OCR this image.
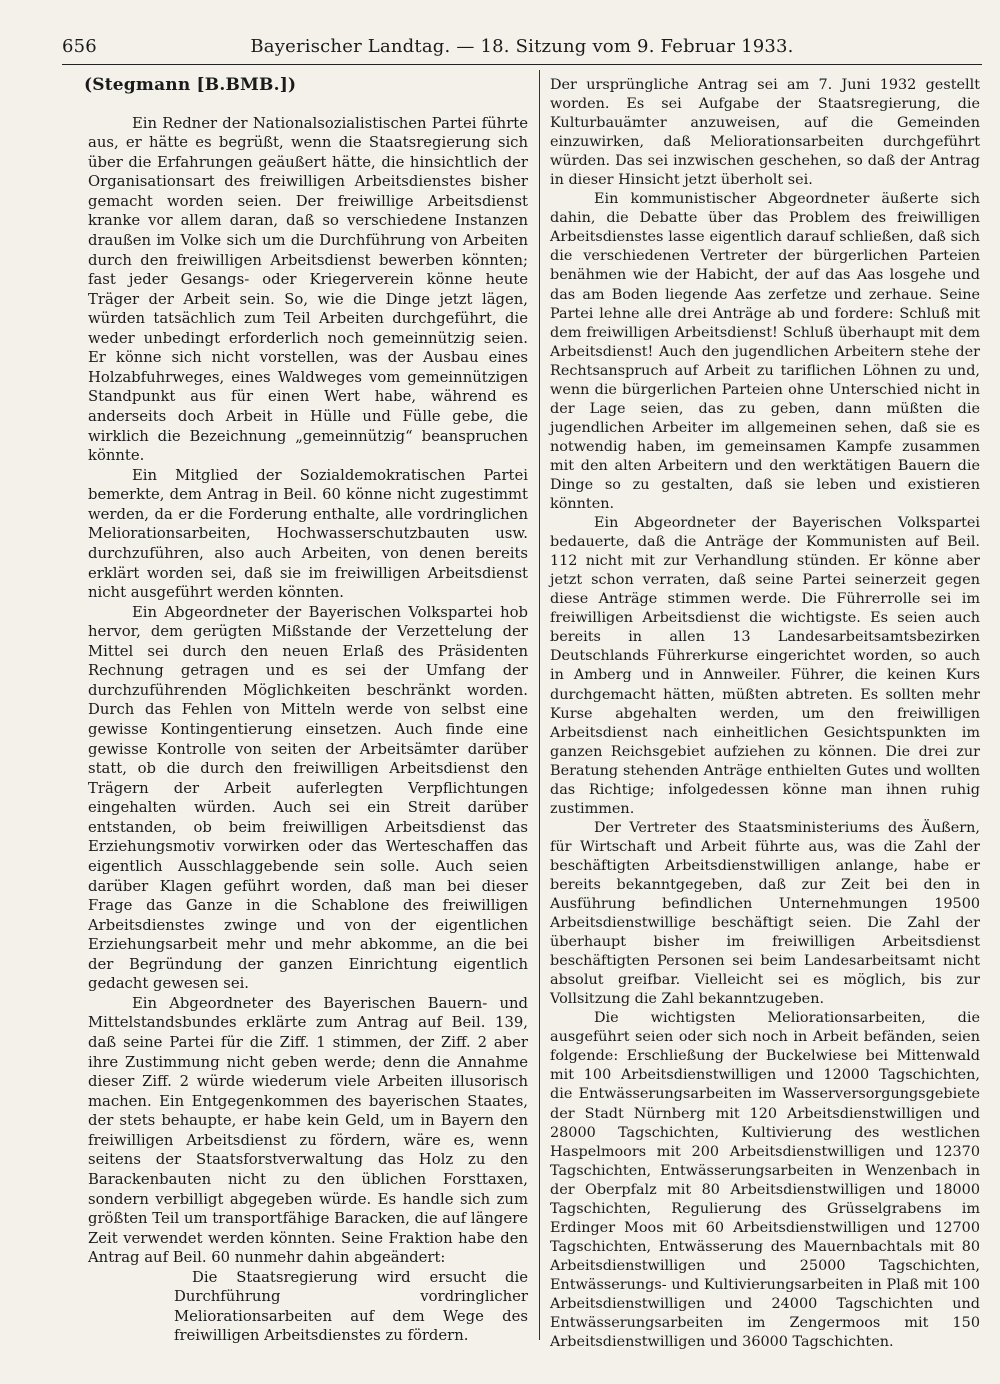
656	Bayerischer Landtag. — 18. Sitzung vom 9. Februar 1933.
(Stegmann [B.BMB.])

Ein Redner der Nationalsozialistischen Partei führte aus, er hätte es begrüßt, wenn die Staatsregierung sich über die Erfahrungen geäußert hätte, die hinsichtlich der Organisationsart des freiwilligen Arbeitsdienstes bisher gemacht worden seien. Der freiwillige Arbeitsdienst kranke vor allem daran, daß so verschiedene Instanzen draußen im Volke sich um die Durchführung von Arbeiten durch den freiwilligen Arbeitsdienst bewerben könnten; fast jeder Gesangs- oder Kriegerverein könne heute Träger der Arbeit sein. So, wie die Dinge jetzt lägen, würden tatsächlich zum Teil Arbeiten durchgeführt, die weder unbedingt erforderlich noch gemeinnützig seien. Er könne sich nicht vorstellen, was der Ausbau eines Holzabfuhrweges, eines Waldweges vom gemeinnützigen Standpunkt aus für einen Wert habe, während es anderseits doch Arbeit in Hülle und Fülle gebe, die wirklich die Bezeichnung „gemeinnützig“ beanspruchen könnte.

Ein Mitglied der Sozialdemokratischen Partei bemerkte, dem Antrag in Beil. 60 könne nicht zugestimmt werden, da er die Forderung enthalte, alle vordringlichen Meliorationsarbeiten, Hochwasserschutzbauten usw. durchzuführen, also auch Arbeiten, von denen bereits erklärt worden sei, daß sie im freiwilligen Arbeitsdienst nicht ausgeführt werden könnten.

Ein Abgeordneter der Bayerischen Volkspartei hob hervor, dem gerügten Mißstande der Verzettelung der Mittel sei durch den neuen Erlaß des Präsidenten Rechnung getragen und es sei der Umfang der durchzuführenden Möglichkeiten beschränkt worden. Durch das Fehlen von Mitteln werde von selbst eine gewisse Kontingentierung einsetzen. Auch finde eine gewisse Kontrolle von seiten der Arbeitsämter darüber statt, ob die durch den freiwilligen Arbeitsdienst den Trägern der Arbeit auferlegten Verpflichtungen eingehalten würden. Auch sei ein Streit darüber entstanden, ob beim freiwilligen Arbeitsdienst das Erziehungsmotiv vorwirken oder das Werteschaffen das eigentlich Ausschlaggebende sein solle. Auch seien darüber Klagen geführt worden, daß man bei dieser Frage das Ganze in die Schablone des freiwilligen Arbeitsdienstes zwinge und von der eigentlichen Erziehungsarbeit mehr und mehr abkomme, an die bei der Begründung der ganzen Einrichtung eigentlich gedacht gewesen sei.

Ein Abgeordneter des Bayerischen Bauern- und Mittelstandsbundes erklärte zum Antrag auf Beil. 139, daß seine Partei für die Ziff. 1 stimmen, der Ziff. 2 aber ihre Zustimmung nicht geben werde; denn die Annahme dieser Ziff. 2 würde wiederum viele Arbeiten illusorisch machen. Ein Entgegenkommen des bayerischen Staates, der stets behaupte, er habe kein Geld, um in Bayern den freiwilligen Arbeitsdienst zu fördern, wäre es, wenn seitens der Staatsforstverwaltung das Holz zu den Barackenbauten nicht zu den üblichen Forsttaxen, sondern verbilligt abgegeben würde. Es handle sich zum größten Teil um transportfähige Baracken, die auf längere Zeit verwendet werden könnten. Seine Fraktion habe den Antrag auf Beil. 60 nunmehr dahin abgeändert:

Die Staatsregierung wird ersucht die Durchführung vordringlicher Meliorationsarbeiten auf dem Wege des freiwilligen Arbeitsdienstes zu fördern.

Der ursprüngliche Antrag sei am 7. Juni 1932 gestellt worden. Es sei Aufgabe der Staatsregierung, die Kulturbauämter anzuweisen, auf die Gemeinden einzuwirken, daß Meliorationsarbeiten durchgeführt würden. Das sei inzwischen geschehen, so daß der Antrag in dieser Hinsicht jetzt überholt sei.

Ein kommunistischer Abgeordneter äußerte sich dahin, die Debatte über das Problem des freiwilligen Arbeitsdienstes lasse eigentlich darauf schließen, daß sich die verschiedenen Vertreter der bürgerlichen Parteien benähmen wie der Habicht, der auf das Aas losgehe und das am Boden liegende Aas zerfetze und zerhaue. Seine Partei lehne alle drei Anträge ab und fordere: Schluß mit dem freiwilligen Arbeitsdienst! Schluß überhaupt mit dem Arbeitsdienst! Auch den jugendlichen Arbeitern stehe der Rechtsanspruch auf Arbeit zu tariflichen Löhnen zu und, wenn die bürgerlichen Parteien ohne Unterschied nicht in der Lage seien, das zu geben, dann müßten die jugendlichen Arbeiter im allgemeinen sehen, daß sie es notwendig haben, im gemeinsamen Kampfe zusammen mit den alten Arbeitern und den werktätigen Bauern die Dinge so zu gestalten, daß sie leben und existieren könnten.

Ein Abgeordneter der Bayerischen Volkspartei bedauerte, daß die Anträge der Kommunisten auf Beil. 112 nicht mit zur Verhandlung stünden. Er könne aber jetzt schon verraten, daß seine Partei seinerzeit gegen diese Anträge stimmen werde. Die Führerrolle sei im freiwilligen Arbeitsdienst die wichtigste. Es seien auch bereits in allen 13 Landesarbeitsamtsbezirken Deutschlands Führerkurse eingerichtet worden, so auch in Amberg und in Annweiler. Führer, die keinen Kurs durchgemacht hätten, müßten abtreten. Es sollten mehr Kurse abgehalten werden, um den freiwilligen Arbeitsdienst nach einheitlichen Gesichtspunkten im ganzen Reichsgebiet aufziehen zu können. Die drei zur Beratung stehenden Anträge enthielten Gutes und wollten das Richtige; infolgedessen könne man ihnen ruhig zustimmen.

Der Vertreter des Staatsministeriums des Äußern, für Wirtschaft und Arbeit führte aus, was die Zahl der beschäftigten Arbeitsdienstwilligen anlange, habe er bereits bekanntgegeben, daß zur Zeit bei den in Ausführung befindlichen Unternehmungen 19500 Arbeitsdienstwillige beschäftigt seien. Die Zahl der überhaupt bisher im freiwilligen Arbeitsdienst beschäftigten Personen sei beim Landesarbeitsamt nicht absolut greifbar. Vielleicht sei es möglich, bis zur Vollsitzung die Zahl bekanntzugeben.

Die wichtigsten Meliorationsarbeiten, die ausgeführt seien oder sich noch in Arbeit befänden, seien folgende: Erschließung der Buckelwiese bei Mittenwald mit 100 Arbeitsdienstwilligen und 12000 Tagschichten, die Entwässerungsarbeiten im Wasserversorgungsgebiete der Stadt Nürnberg mit 120 Arbeitsdienstwilligen und 28000 Tagschichten, Kultivierung des westlichen Haspelmoors mit 200 Arbeitsdienstwilligen und 12370 Tagschichten, Entwässerungsarbeiten in Wenzenbach in der Oberpfalz mit 80 Arbeitsdienstwilligen und 18000 Tagschichten, Regulierung des Grüsselgrabens im Erdinger Moos mit 60 Arbeitsdienstwilligen und 12700 Tagschichten, Entwässerung des Mauernbachtals mit 80 Arbeitsdienstwilligen und 25000 Tagschichten, Entwässerungs- und Kultivierungsarbeiten in Plaß mit 100 Arbeitsdienstwilligen und 24000 Tagschichten und Entwässerungsarbeiten im Zengermoos mit 150 Arbeitsdienstwilligen und 36000 Tagschichten.
